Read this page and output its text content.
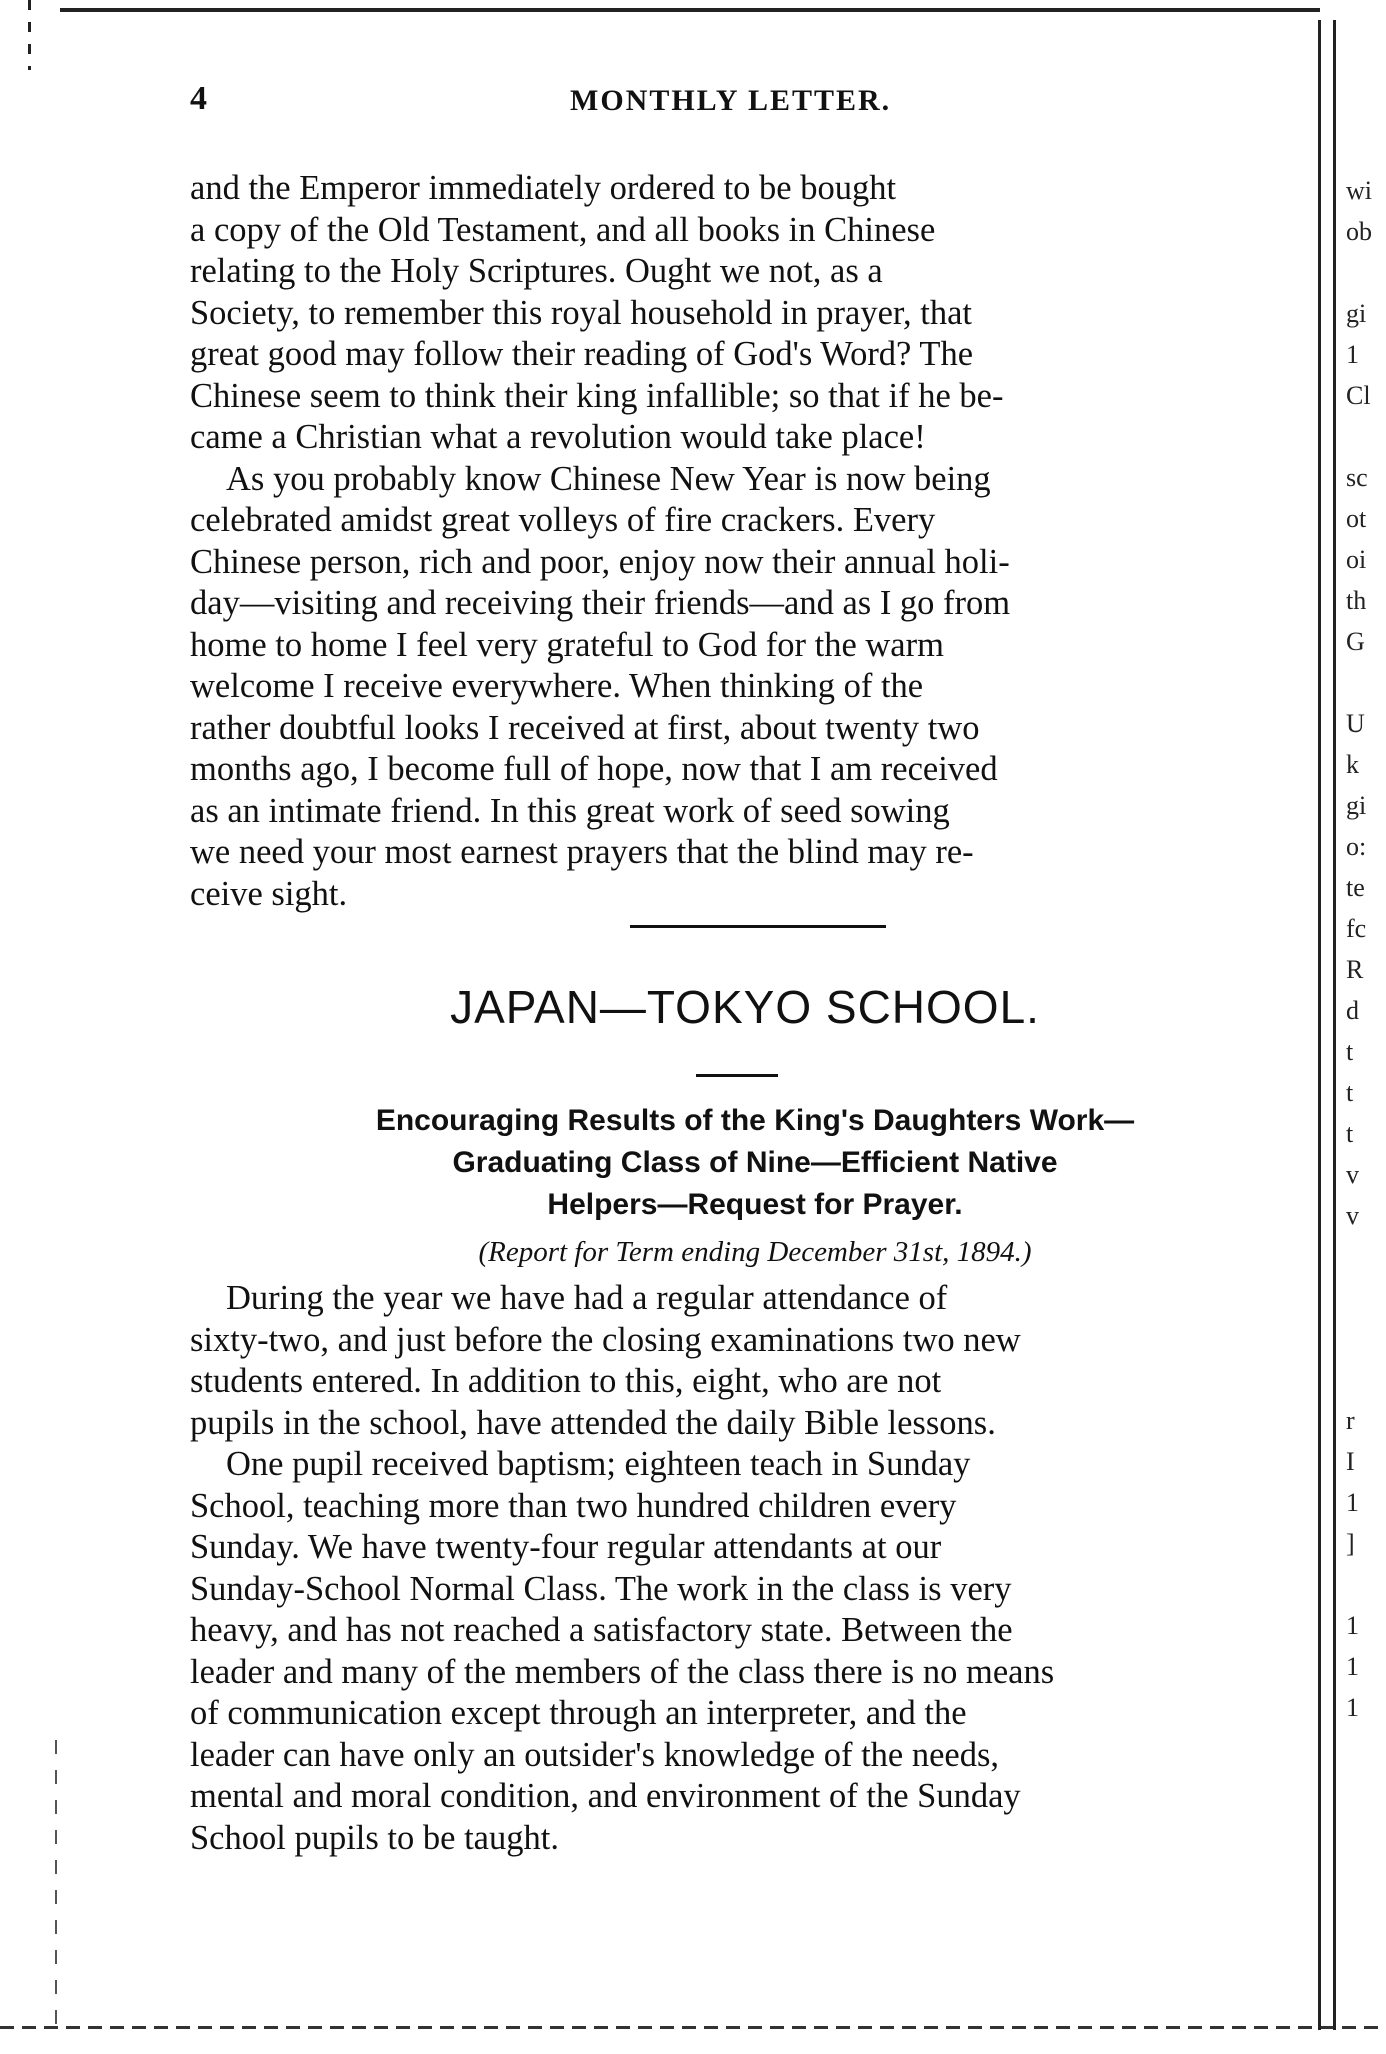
wi
ob
gi
1
Cl
sc
ot
oi
th
G
U
k
gi
o:
te
fc
R
d
t
t
t
v
v
r
I
1
]
1
1
1
4	MONTHLY LETTER.

and the Emperor immediately ordered to be bought
a copy of the Old Testament, and all books in Chinese
relating to the Holy Scriptures. Ought we not, as a
Society, to remember this royal household in prayer, that
great good may follow their reading of God's Word? The
Chinese seem to think their king infallible; so that if he be-
came a Christian what a revolution would take place!

As you probably know Chinese New Year is now being
celebrated amidst great volleys of fire crackers. Every
Chinese person, rich and poor, enjoy now their annual holi-
day—visiting and receiving their friends—and as I go from
home to home I feel very grateful to God for the warm
welcome I receive everywhere. When thinking of the
rather doubtful looks I received at first, about twenty two
months ago, I become full of hope, now that I am received
as an intimate friend. In this great work of seed sowing
we need your most earnest prayers that the blind may re-
ceive sight.

JAPAN—TOKYO SCHOOL.
Encouraging Results of the King's Daughters Work—
Graduating Class of Nine—Efficient Native
Helpers—Request for Prayer.
(Report for Term ending December 31st, 1894.)

During the year we have had a regular attendance of
sixty-two, and just before the closing examinations two new
students entered. In addition to this, eight, who are not
pupils in the school, have attended the daily Bible lessons.

One pupil received baptism; eighteen teach in Sunday
School, teaching more than two hundred children every
Sunday. We have twenty-four regular attendants at our
Sunday-School Normal Class. The work in the class is very
heavy, and has not reached a satisfactory state. Between the
leader and many of the members of the class there is no means
of communication except through an interpreter, and the
leader can have only an outsider's knowledge of the needs,
mental and moral condition, and environment of the Sunday
School pupils to be taught.
